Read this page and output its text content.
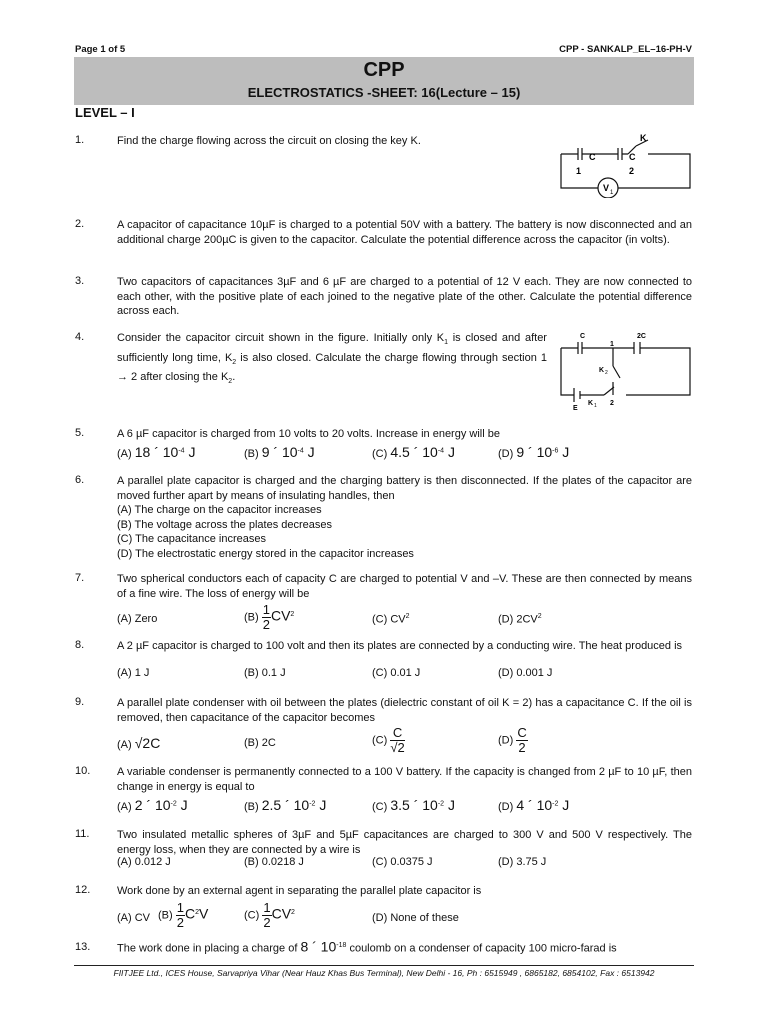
Page 1 of 5	CPP - SANKALP_EL–16-PH-V
CPP
ELECTROSTATICS -SHEET: 16(Lecture – 15)
LEVEL – I
1.	Find the charge flowing across the circuit on closing the key K.
C	C
K
1	2
V 1
2.	A capacitor of capacitance 10µF is charged to a potential 50V with a battery. The battery is now disconnected and an additional charge 200µC is given to the capacitor. Calculate the potential difference across the capacitor (in volts).
3.	Two capacitors of capacitances 3µF and 6 µF are charged to a potential of 12 V each. They are now connected to each other, with the positive plate of each joined to the negative plate of the other. Calculate the potential difference across each.
4.	Consider the capacitor circuit shown in the figure. Initially only $K_1$ is closed and after sufficiently long time, $K_2$ is also closed. Calculate the charge flowing through section 1 → 2 after closing the $K_2$.
C	2C
1
K 2
K 1
E
2
5.	A 6 µF capacitor is charged from 10 volts to 20 volts. Increase in energy will be
(A) 18 ´ $10^{-4}$ J	(B) 9 ´ $10^{-4}$ J	(C) 4.5 ´ $10^{-4}$ J	(D) 9 ´ $10^{-6}$ J
6.	A parallel plate capacitor is charged and the charging battery is then disconnected. If the plates of the capacitor are moved further apart by means of insulating handles, then
(A) The charge on the capacitor increases
(B) The voltage across the plates decreases
(C) The capacitance increases
(D) The electrostatic energy stored in the capacitor increases
7.	Two spherical conductors each of capacity C are charged to potential V and –V. These are then connected by means of a fine wire. The loss of energy will be
(A) Zero	$(B) \frac{1}{2} CV^2$	(C) $CV^2$	(D) $2CV^2$
8.	A 2 µF capacitor is charged to 100 volt and then its plates are connected by a conducting wire. The heat produced is
(A) 1 J	(B) 0.1 J	(C) 0.01 J	(D) 0.001 J
9.	A parallel plate condenser with oil between the plates (dielectric constant of oil K = 2) has a capacitance C. If the oil is removed, then capacitance of the capacitor becomes
(A) √2C	(B) 2C	$(C) \frac{C}{√2}$	$(D) \frac{C}{2}$
10.	A variable condenser is permanently connected to a 100 V battery. If the capacity is changed from 2 µF to 10 µF, then change in energy is equal to
(A) 2 ´ $10^{-2}$ J	(B) 2.5 ´ $10^{-2}$ J	(C) 3.5 ´ $10^{-2}$ J	(D) 4 ´ $10^{-2}$ J
11.	Two insulated metallic spheres of 3µF and 5µF capacitances are charged to 300 V and 500 V respectively. The energy loss, when they are connected by a wire is
(A) 0.012 J	(B) 0.0218 J	(C) 0.0375 J	(D) 3.75 J
12.	Work done by an external agent in separating the parallel plate capacitor is
(A) CV $(B) \frac{1}{2} C^2V$	$(C) \frac{1}{2} CV^2$	(D) None of these
13.	The work done in placing a charge of 8 ´ $10^{-18}$ coulomb on a condenser of capacity 100 micro-farad is
FIITJEE Ltd., ICES House, Sarvapriya Vihar (Near Hauz Khas Bus Terminal), New Delhi - 16, Ph : 6515949 , 6865182, 6854102, Fax : 6513942
